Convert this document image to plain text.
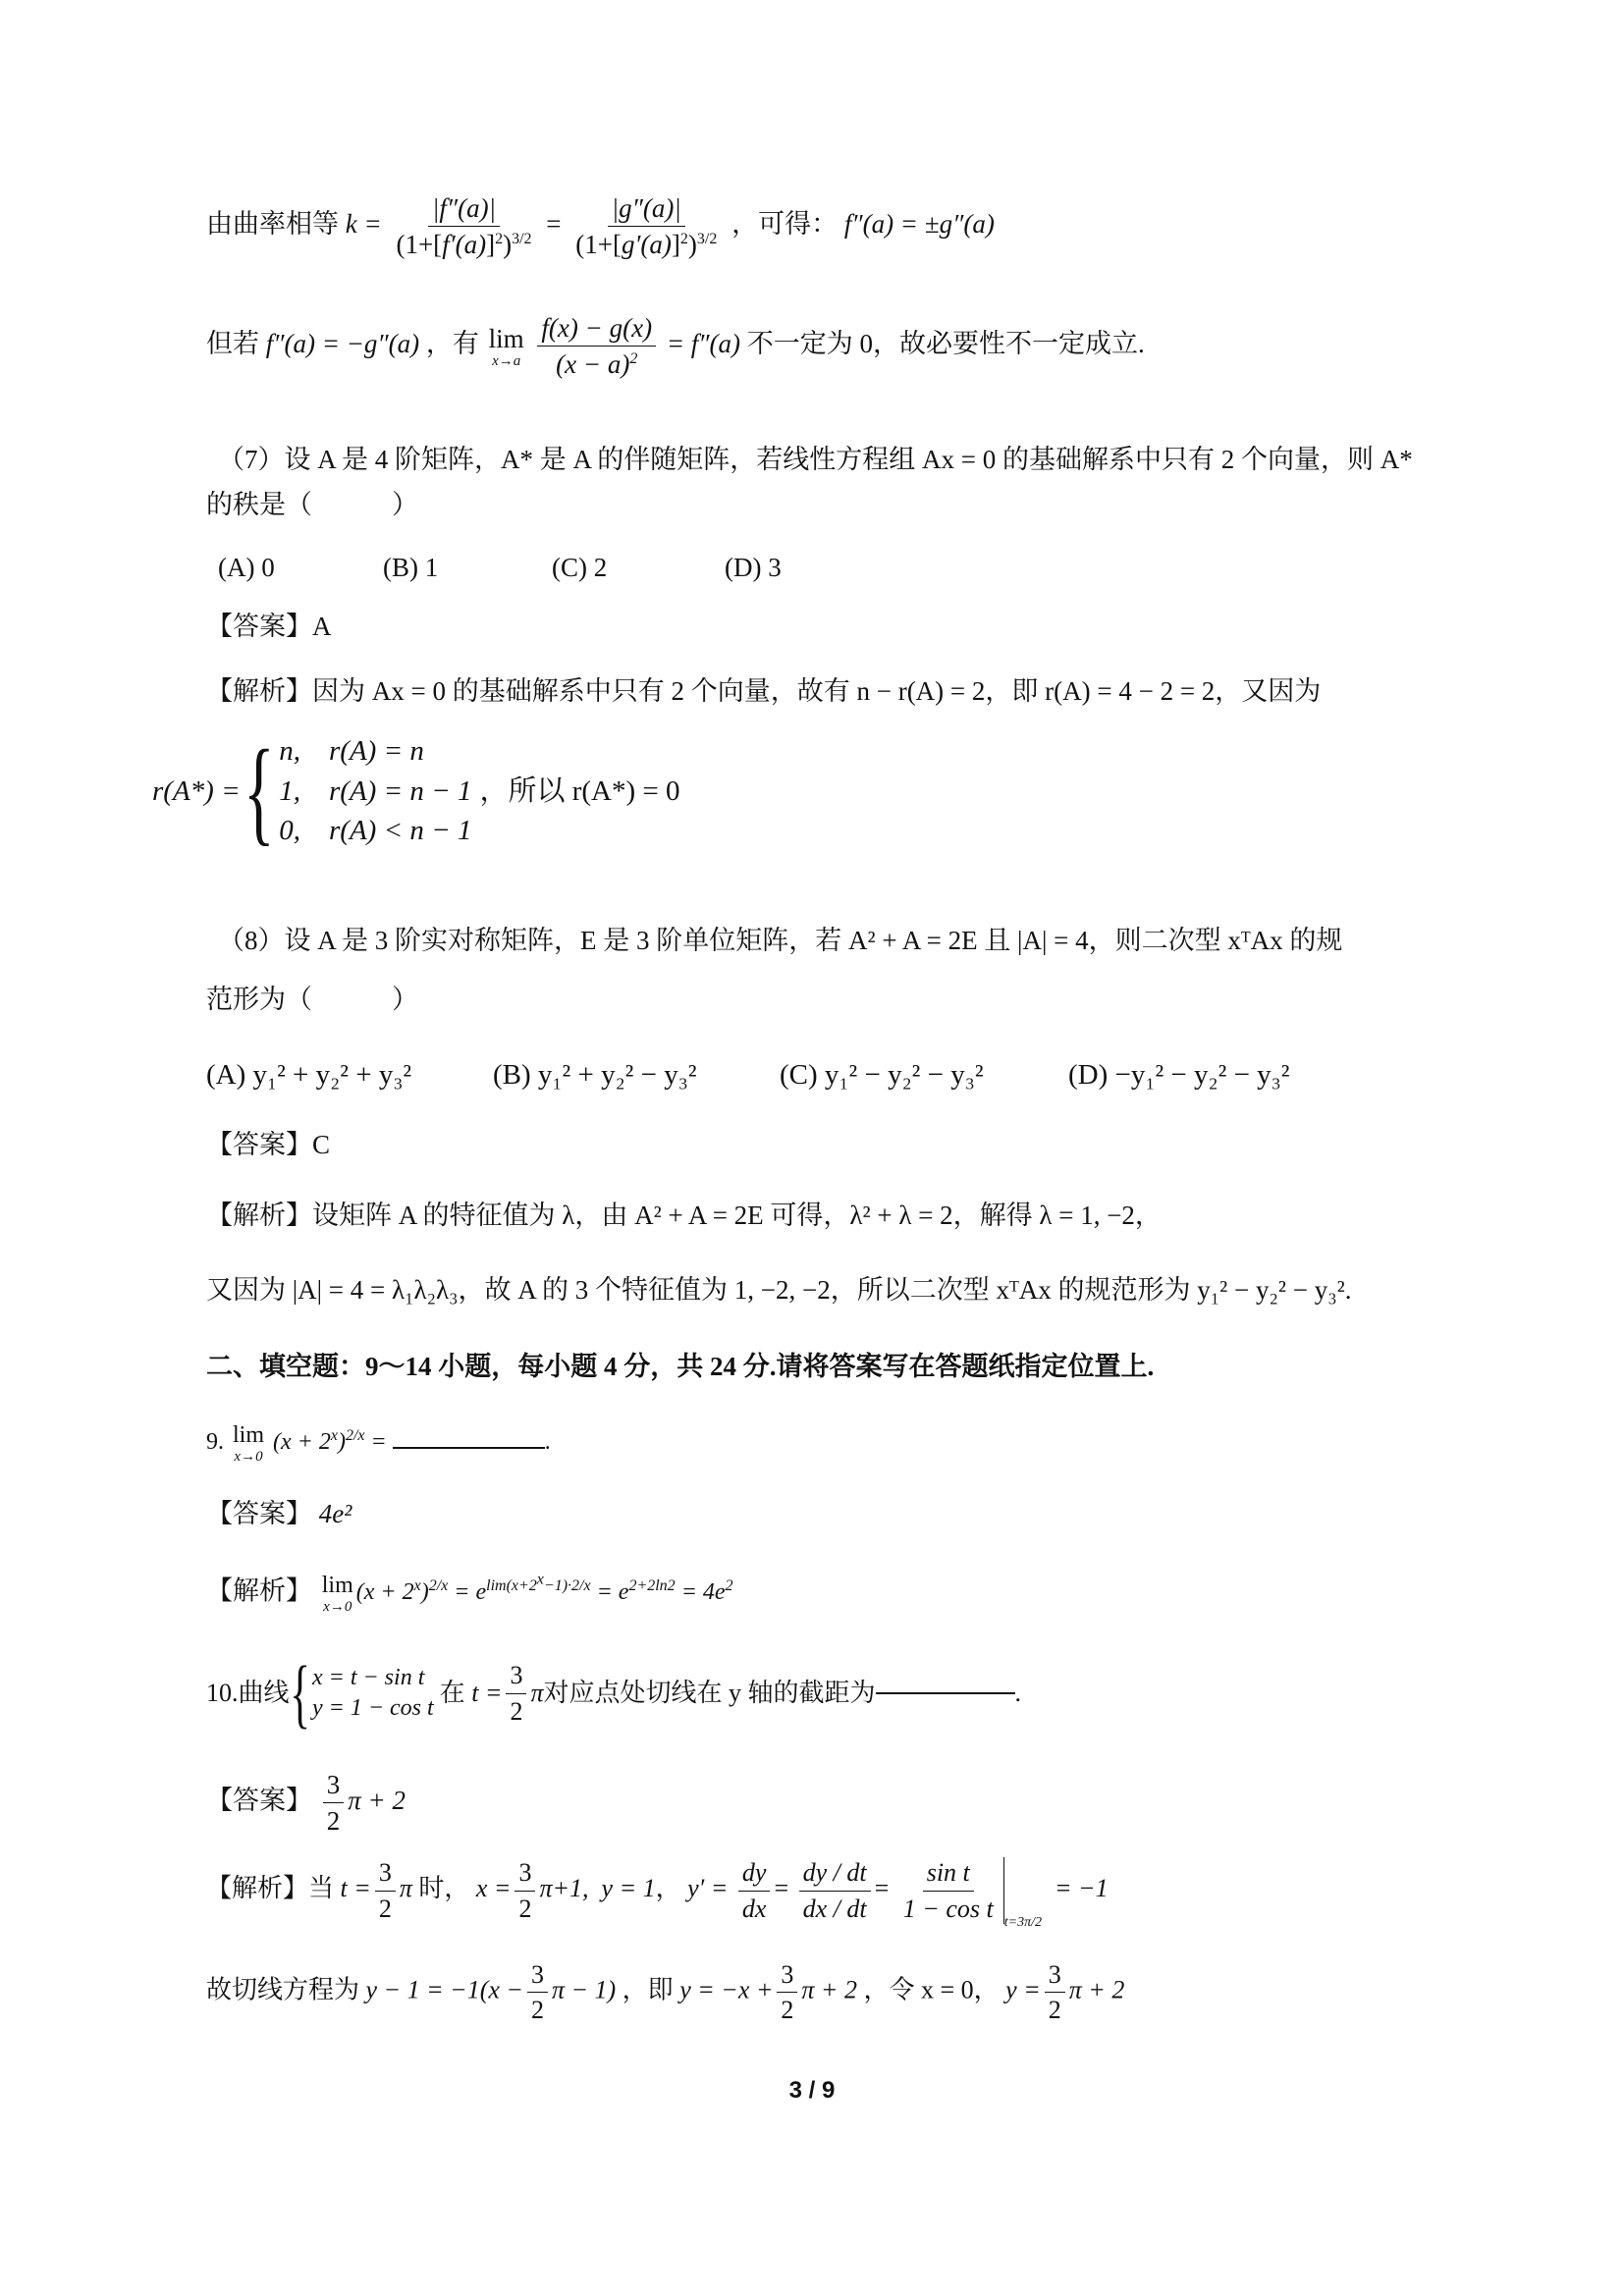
由曲率相等 $k = \frac{|f''(a)|}{(1+[f'(a)]^2)^{3/2}} = \frac{|g''(a)|}{(1+[g'(a)]^2)^{3/2}}$ ，可得： f″(a) = ±g″(a)
但若 f″(a) = −g″(a) ，有 lim
x→a
$\frac{f(x) - g(x)}{(x - a)^2} = f''(a)$ 不一定为 0，故必要性不一定成立.
（7）设 A 是 4 阶矩阵，A* 是 A 的伴随矩阵，若线性方程组 Ax = 0 的基础解系中只有 2 个向量，则 A*
的秩是（　　　）
(A) 0	(B) 1	(C) 2	(D) 3
【答案】A
【解析】因为 Ax = 0 的基础解系中只有 2 个向量，故有 n − r(A) = 2，即 r(A) = 4 − 2 = 2，又因为
r(A*) = { n,　r(A) = n
1,　r(A) = n − 1
0,　r(A) < n − 1
，所以 r(A*) = 0
（8）设 A 是 3 阶实对称矩阵，E 是 3 阶单位矩阵，若 A² + A = 2E 且 |A| = 4，则二次型 xᵀAx 的规
范形为（　　　）
(A) y₁² + y₂² + y₃²	(B) y₁² + y₂² − y₃²	(C) y₁² − y₂² − y₃²	(D) −y₁² − y₂² − y₃²
【答案】C
【解析】设矩阵 A 的特征值为 λ，由 A² + A = 2E 可得，λ² + λ = 2，解得 λ = 1, −2，
又因为 |A| = 4 = λ₁λ₂λ₃，故 A 的 3 个特征值为 1, −2, −2，所以二次型 xᵀAx 的规范形为 y₁² − y₂² − y₃².
二、填空题：9～14 小题，每小题 4 分，共 24 分.请将答案写在答题纸指定位置上.
9. lim
x→0
$(x + 2^x)^{2/x}$ =	.
【答案】 4e²
【解析】 lim
x→0
$(x + 2^x)^{2/x} = e^{lim(x+2^x-1)\cdot 2/x} = e^{2+2ln2} = 4e^2$
10.曲线 { x = t − sin t
y = 1 − cos t
在 $t = \frac{3}{2}$ π 对应点处切线在 y 轴的截距为	.
【答案】 $\frac{3}{2}$ π + 2
【解析】当 $t = \frac{3}{2}$ π 时， $x = \frac{3}{2} \pi+1$,  y = 1， $y' = \frac{dy}{dx} = \frac{dy / dt}{dx / dt} = \frac{\text{sin t}}{\text{1 − cos t}} _{t=3\pi/2} = -1$
故切线方程为 $y - 1 = -1(x - \frac{3}{2}$ π − 1) ，即 $y = -x + \frac{3}{2}$ π + 2 ，令 x = 0， $y = \frac{3}{2}$ π + 2
3 / 9
